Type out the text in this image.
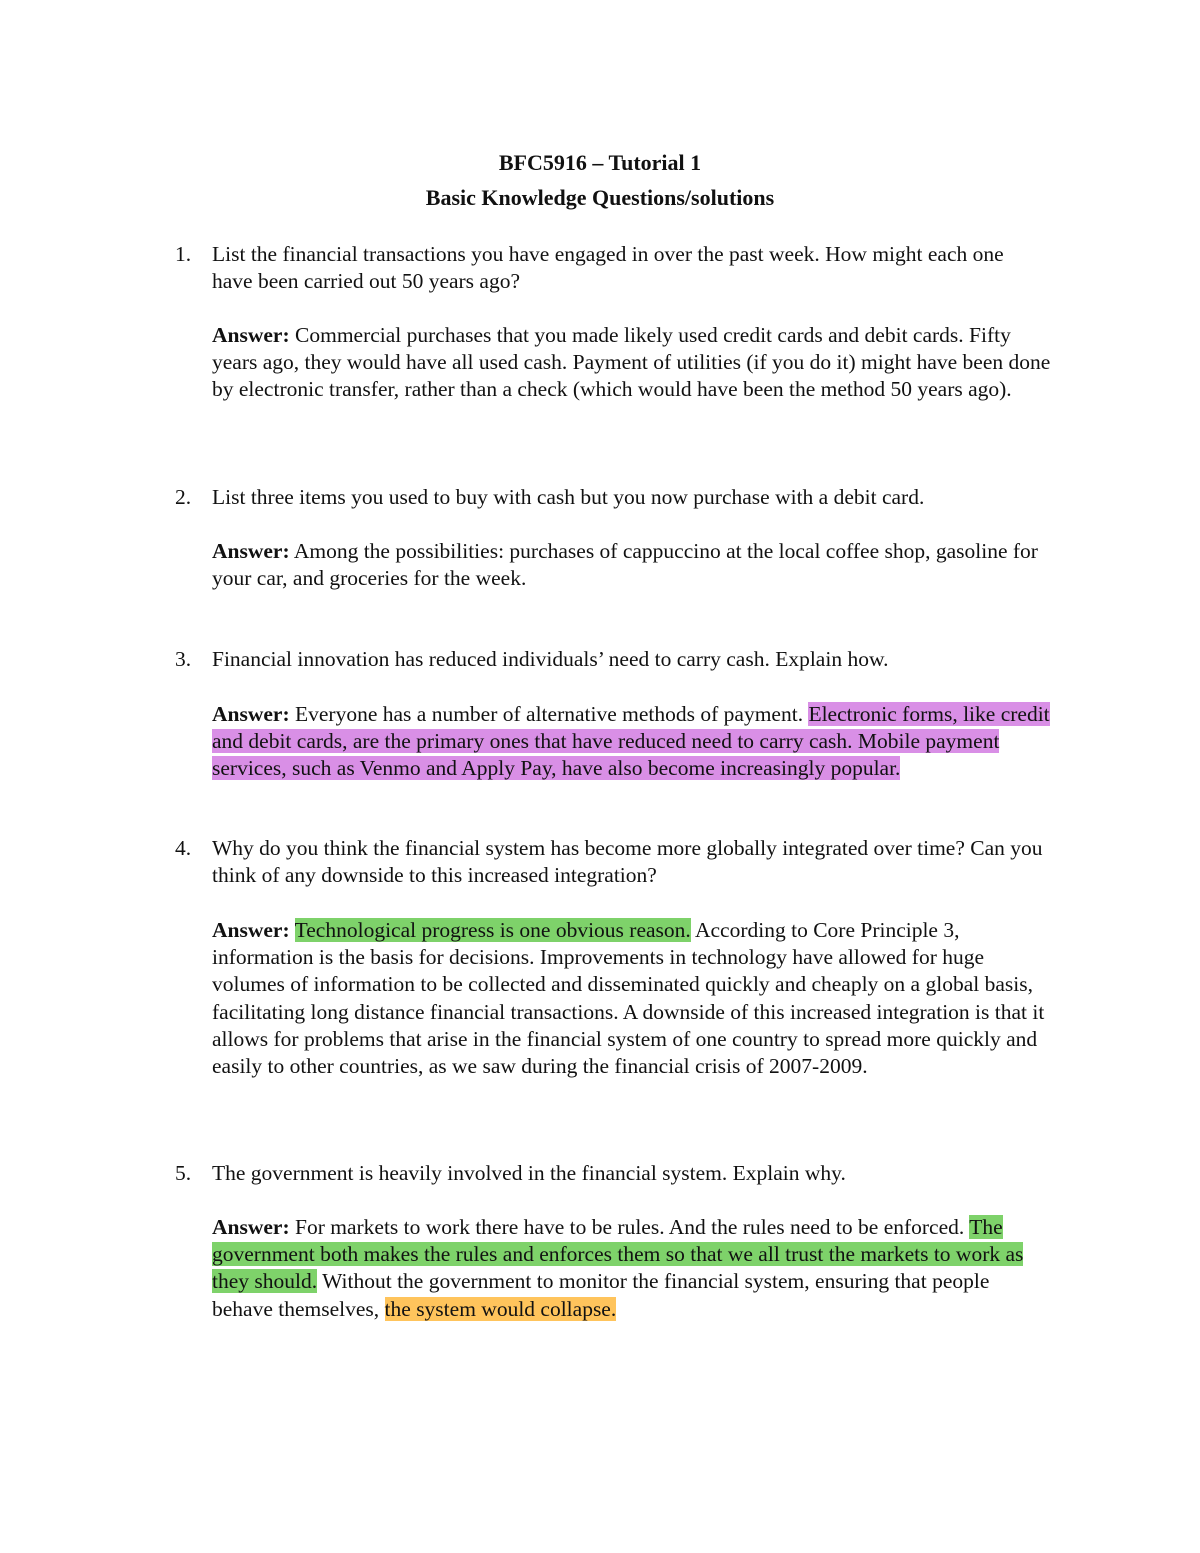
BFC5916 – Tutorial 1
Basic Knowledge Questions/solutions
1. List the financial transactions you have engaged in over the past week. How might each one have been carried out 50 years ago?
Answer: Commercial purchases that you made likely used credit cards and debit cards. Fifty years ago, they would have all used cash. Payment of utilities (if you do it) might have been done by electronic transfer, rather than a check (which would have been the method 50 years ago).
2. List three items you used to buy with cash but you now purchase with a debit card.
Answer: Among the possibilities: purchases of cappuccino at the local coffee shop, gasoline for your car, and groceries for the week.
3. Financial innovation has reduced individuals’ need to carry cash. Explain how.
Answer: Everyone has a number of alternative methods of payment. Electronic forms, like credit and debit cards, are the primary ones that have reduced need to carry cash. Mobile payment services, such as Venmo and Apply Pay, have also become increasingly popular.
4. Why do you think the financial system has become more globally integrated over time? Can you think of any downside to this increased integration?
Answer: Technological progress is one obvious reason. According to Core Principle 3, information is the basis for decisions. Improvements in technology have allowed for huge volumes of information to be collected and disseminated quickly and cheaply on a global basis, facilitating long distance financial transactions. A downside of this increased integration is that it allows for problems that arise in the financial system of one country to spread more quickly and easily to other countries, as we saw during the financial crisis of 2007-2009.
5. The government is heavily involved in the financial system. Explain why.
Answer: For markets to work there have to be rules. And the rules need to be enforced. The government both makes the rules and enforces them so that we all trust the markets to work as they should. Without the government to monitor the financial system, ensuring that people behave themselves, the system would collapse.
